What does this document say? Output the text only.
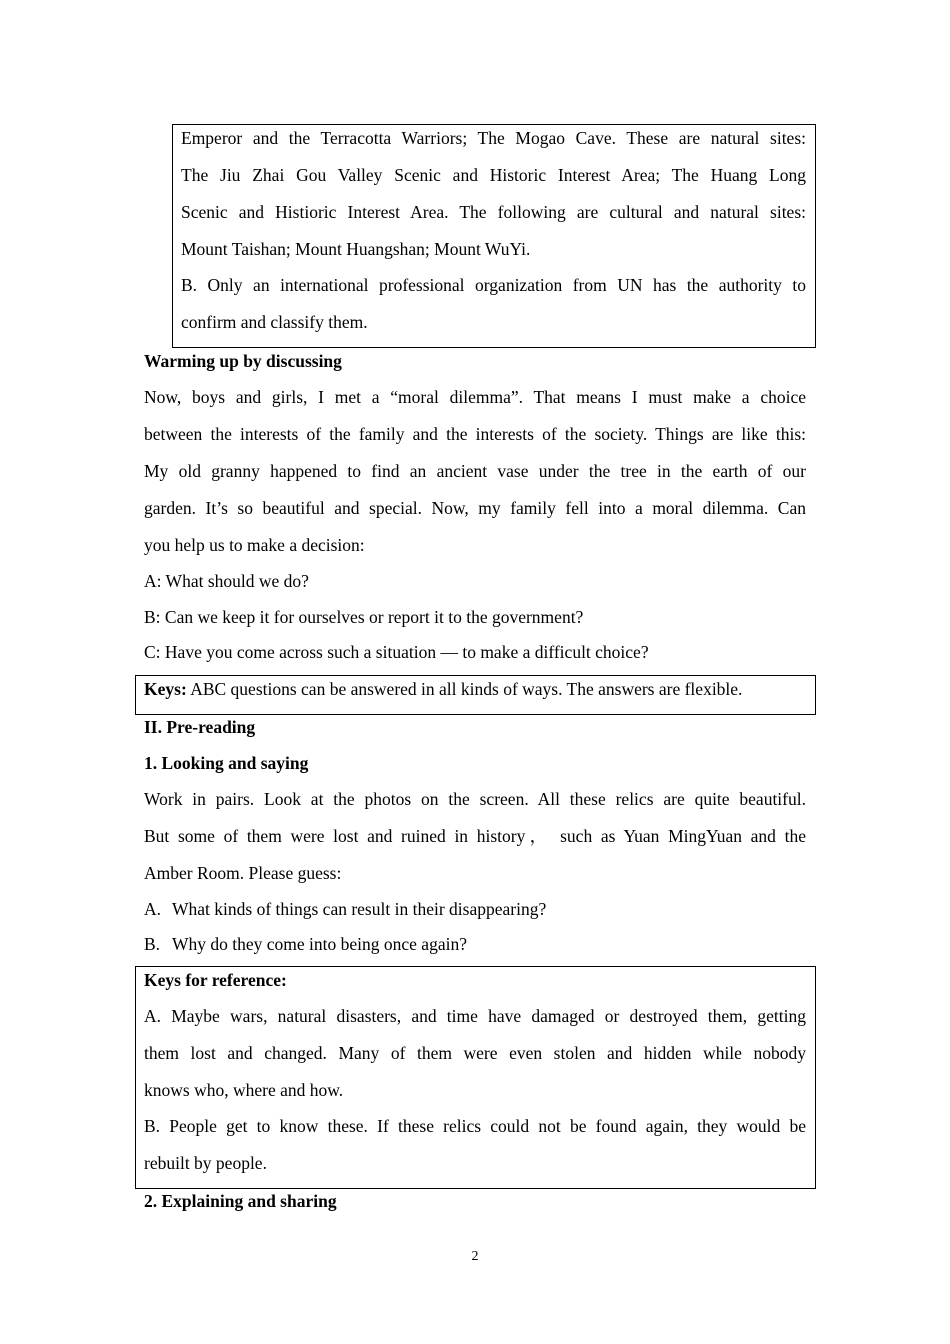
Emperor and the Terracotta Warriors; The Mogao Cave. These are natural sites:
The Jiu Zhai Gou Valley Scenic and Historic Interest Area; The Huang Long
Scenic and Histioric Interest Area. The following are cultural and natural sites:
Mount Taishan; Mount Huangshan; Mount WuYi.
B. Only an international professional organization from UN has the authority to
confirm and classify them.
Warming up by discussing
Now, boys and girls, I met a “moral dilemma”. That means I must make a choice
between the interests of the family and the interests of the society. Things are like this:
My old granny happened to find an ancient vase under the tree in the earth of our
garden. It’s so beautiful and special. Now, my family fell into a moral dilemma. Can
you help us to make a decision:
A: What should we do?
B: Can we keep it for ourselves or report it to the government?
C: Have you come across such a situation — to make a difficult choice?
Keys: ABC questions can be answered in all kinds of ways. The answers are flexible.
II. Pre-reading
1. Looking and saying
Work in pairs. Look at the photos on the screen. All these relics are quite beautiful.
But some of them were lost and ruined in history， such as Yuan MingYuan and the
Amber Room. Please guess:
A. What kinds of things can result in their disappearing?
B. Why do they come into being once again?
Keys for reference:
A. Maybe wars, natural disasters, and time have damaged or destroyed them, getting
them lost and changed. Many of them were even stolen and hidden while nobody
knows who, where and how.
B. People get to know these. If these relics could not be found again, they would be
rebuilt by people.
2. Explaining and sharing
2
